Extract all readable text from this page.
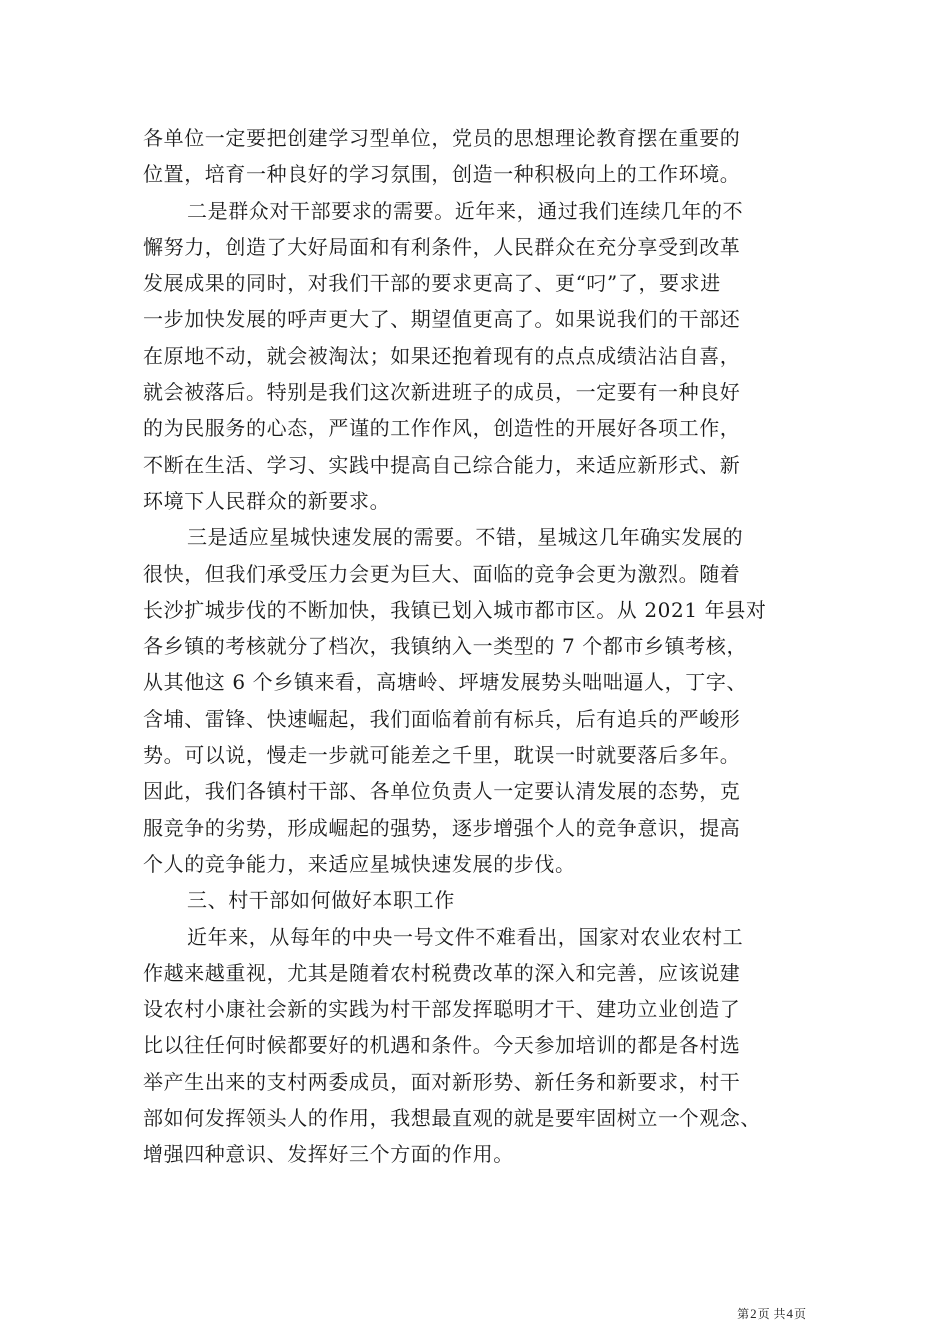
各单位一定要把创建学习型单位，党员的思想理论教育摆在重要的
位置，培育一种良好的学习氛围，创造一种积极向上的工作环境。
二是群众对干部要求的需要。近年来，通过我们连续几年的不
懈努力，创造了大好局面和有利条件，人民群众在充分享受到改革
发展成果的同时，对我们干部的要求更高了、更“叼”了，要求进
一步加快发展的呼声更大了、期望值更高了。如果说我们的干部还
在原地不动，就会被淘汰；如果还抱着现有的点点成绩沾沾自喜，
就会被落后。特别是我们这次新进班子的成员，一定要有一种良好
的为民服务的心态，严谨的工作作风，创造性的开展好各项工作，
不断在生活、学习、实践中提高自己综合能力，来适应新形式、新
环境下人民群众的新要求。
三是适应星城快速发展的需要。不错，星城这几年确实发展的
很快，但我们承受压力会更为巨大、面临的竞争会更为激烈。随着
长沙扩城步伐的不断加快，我镇已划入城市都市区。从 2021 年县对
各乡镇的考核就分了档次，我镇纳入一类型的 7 个都市乡镇考核，
从其他这 6 个乡镇来看，高塘岭、坪塘发展势头咄咄逼人，丁字、
含埔、雷锋、快速崛起，我们面临着前有标兵，后有追兵的严峻形
势。可以说，慢走一步就可能差之千里，耽误一时就要落后多年。
因此，我们各镇村干部、各单位负责人一定要认清发展的态势，克
服竞争的劣势，形成崛起的强势，逐步增强个人的竞争意识，提高
个人的竞争能力，来适应星城快速发展的步伐。
三、村干部如何做好本职工作
近年来，从每年的中央一号文件不难看出，国家对农业农村工
作越来越重视，尤其是随着农村税费改革的深入和完善，应该说建
设农村小康社会新的实践为村干部发挥聪明才干、建功立业创造了
比以往任何时候都要好的机遇和条件。今天参加培训的都是各村选
举产生出来的支村两委成员，面对新形势、新任务和新要求，村干
部如何发挥领头人的作用，我想最直观的就是要牢固树立一个观念、
增强四种意识、发挥好三个方面的作用。
第2页 共4页
